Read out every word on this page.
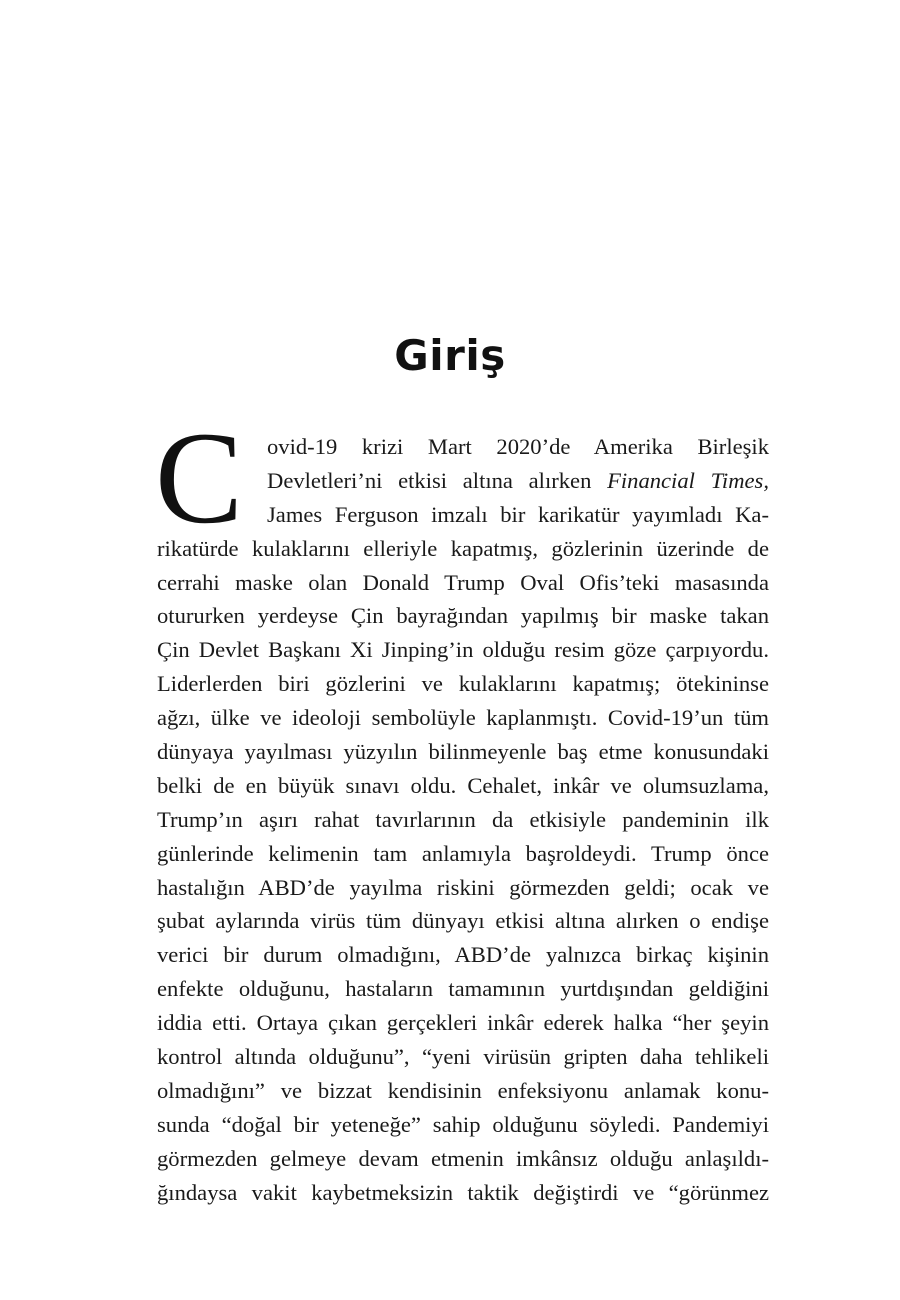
Giriş
C	ovid-19 krizi Mart 2020’de Amerika Birleşik
Devletleri’ni etkisi altına alırken Financial Times,
James Ferguson imzalı bir karikatür yayımladı Ka-
rikatürde kulaklarını elleriyle kapatmış, gözlerinin üzerinde de
cerrahi maske olan Donald Trump Oval Ofis’teki masasında
otururken yerdeyse Çin bayrağından yapılmış bir maske takan
Çin Devlet Başkanı Xi Jinping’in olduğu resim göze çarpıyordu.
Liderlerden biri gözlerini ve kulaklarını kapatmış; ötekininse
ağzı, ülke ve ideoloji sembolüyle kaplanmıştı. Covid-19’un tüm
dünyaya yayılması yüzyılın bilinmeyenle baş etme konusundaki
belki de en büyük sınavı oldu. Cehalet, inkâr ve olumsuzlama,
Trump’ın aşırı rahat tavırlarının da etkisiyle pandeminin ilk
günlerinde kelimenin tam anlamıyla başroldeydi. Trump önce
hastalığın ABD’de yayılma riskini görmezden geldi; ocak ve
şubat aylarında virüs tüm dünyayı etkisi altına alırken o endişe
verici bir durum olmadığını, ABD’de yalnızca birkaç kişinin
enfekte olduğunu, hastaların tamamının yurtdışından geldiğini
iddia etti. Ortaya çıkan gerçekleri inkâr ederek halka “her şeyin
kontrol altında olduğunu”, “yeni virüsün gripten daha tehlikeli
olmadığını” ve bizzat kendisinin enfeksiyonu anlamak konu-
sunda “doğal bir yeteneğe” sahip olduğunu söyledi. Pandemiyi
görmezden gelmeye devam etmenin imkânsız olduğu anlaşıldı-
ğındaysa vakit kaybetmeksizin taktik değiştirdi ve “görünmez
